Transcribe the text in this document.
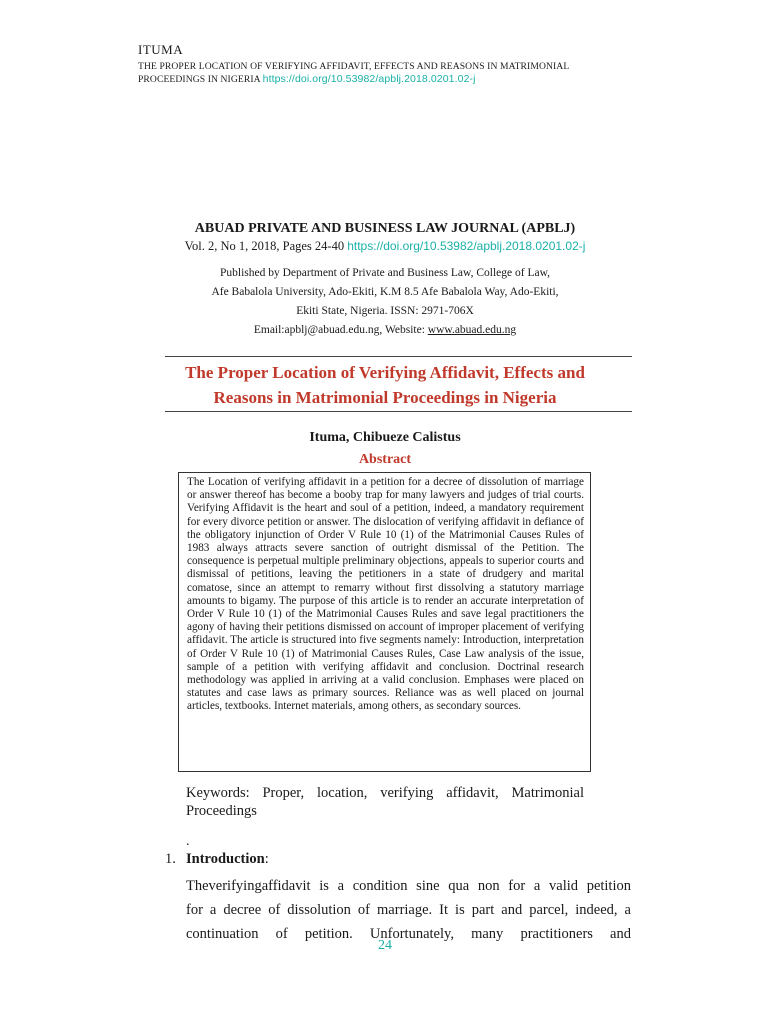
ITUMA
THE PROPER LOCATION OF VERIFYING AFFIDAVIT, EFFECTS AND REASONS IN MATRIMONIAL PROCEEDINGS IN NIGERIA https://doi.org/10.53982/apblj.2018.0201.02-j
ABUAD PRIVATE AND BUSINESS LAW JOURNAL (APBLJ)
Vol. 2, No 1, 2018, Pages 24-40 https://doi.org/10.53982/apblj.2018.0201.02-j
Published by Department of Private and Business Law, College of Law,
Afe Babalola University, Ado-Ekiti, K.M 8.5 Afe Babalola Way, Ado-Ekiti,
Ekiti State, Nigeria. ISSN: 2971-706X
Email:apblj@abuad.edu.ng, Website: www.abuad.edu.ng
The Proper Location of Verifying Affidavit, Effects and
Reasons in Matrimonial Proceedings in Nigeria
Ituma, Chibueze Calistus
Abstract
The Location of verifying affidavit in a petition for a decree of dissolution of marriage or answer thereof has become a booby trap for many lawyers and judges of trial courts. Verifying Affidavit is the heart and soul of a petition, indeed, a mandatory requirement for every divorce petition or answer. The dislocation of verifying affidavit in defiance of the obligatory injunction of Order V Rule 10 (1) of the Matrimonial Causes Rules of 1983 always attracts severe sanction of outright dismissal of the Petition. The consequence is perpetual multiple preliminary objections, appeals to superior courts and dismissal of petitions, leaving the petitioners in a state of drudgery and marital comatose, since an attempt to remarry without first dissolving a statutory marriage amounts to bigamy. The purpose of this article is to render an accurate interpretation of Order V Rule 10 (1) of the Matrimonial Causes Rules and save legal practitioners the agony of having their petitions dismissed on account of improper placement of verifying affidavit. The article is structured into five segments namely: Introduction, interpretation of Order V Rule 10 (1) of Matrimonial Causes Rules, Case Law analysis of the issue, sample of a petition with verifying affidavit and conclusion. Doctrinal research methodology was applied in arriving at a valid conclusion. Emphases were placed on statutes and case laws as primary sources. Reliance was as well placed on journal articles, textbooks. Internet materials, among others, as secondary sources.
Keywords: Proper, location, verifying affidavit, Matrimonial Proceedings
.
1. Introduction:
Theverifyingaffidavit is a condition sine qua non for a valid petition
for a decree of dissolution of marriage. It is part and parcel, indeed, a
continuation of petition. Unfortunately, many practitioners and
24
